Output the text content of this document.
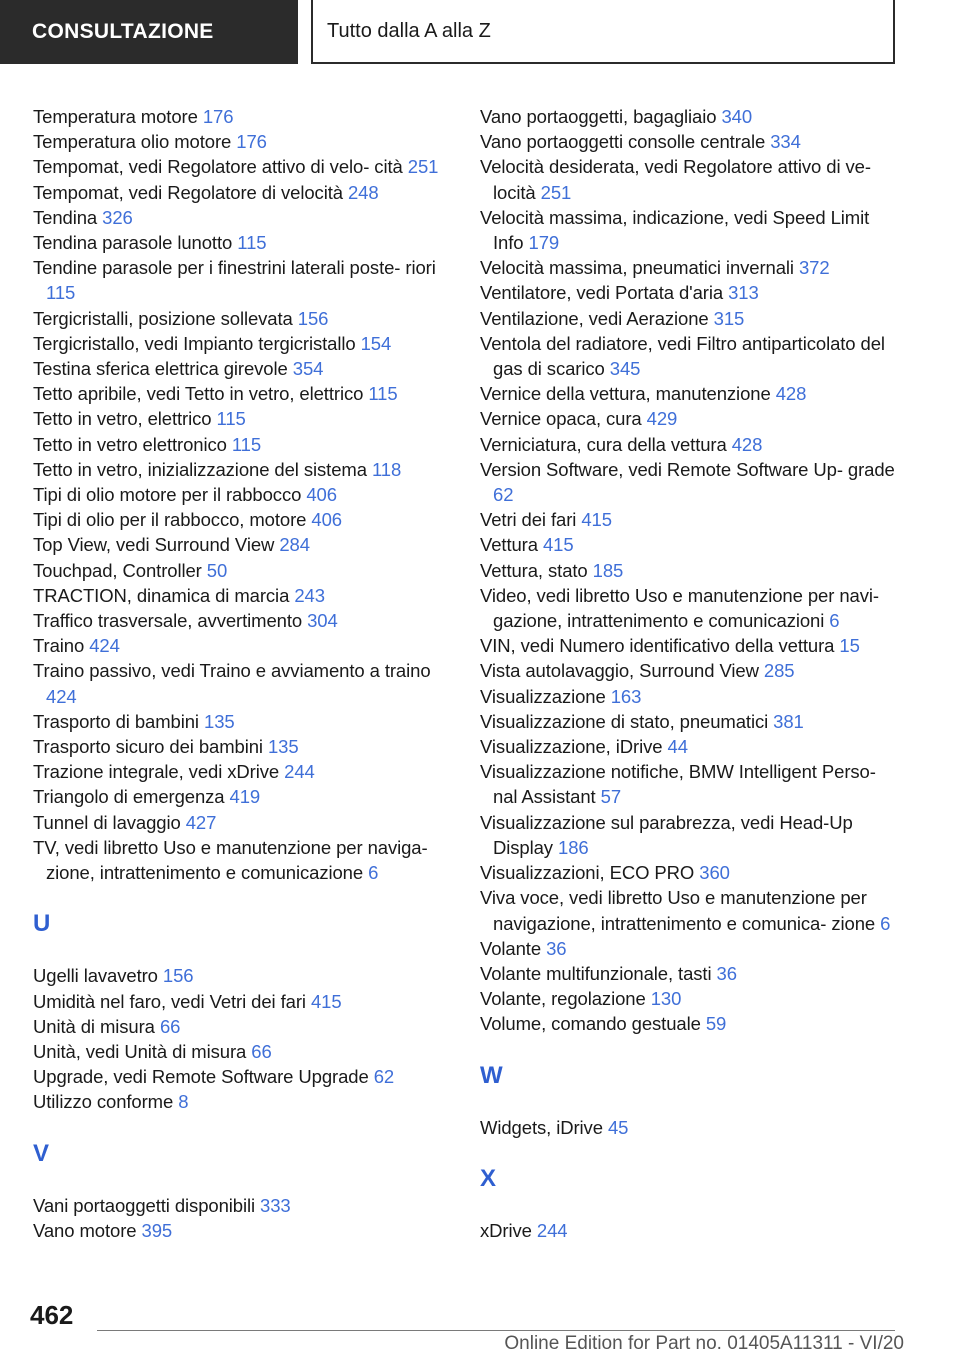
CONSULTAZIONE	Tutto dalla A alla Z
Temperatura motore 176
Temperatura olio motore 176
Tempomat, vedi Regolatore attivo di velo- cità 251
Tempomat, vedi Regolatore di velocità 248
Tendina 326
Tendina parasole lunotto 115
Tendine parasole per i finestrini laterali poste- riori 115
Tergicristalli, posizione sollevata 156
Tergicristallo, vedi Impianto tergicristallo 154
Testina sferica elettrica girevole 354
Tetto apribile, vedi Tetto in vetro, elettrico 115
Tetto in vetro, elettrico 115
Tetto in vetro elettronico 115
Tetto in vetro, inizializzazione del sistema 118
Tipi di olio motore per il rabbocco 406
Tipi di olio per il rabbocco, motore 406
Top View, vedi Surround View 284
Touchpad, Controller 50
TRACTION, dinamica di marcia 243
Traffico trasversale, avvertimento 304
Traino 424
Traino passivo, vedi Traino e avviamento a traino 424
Trasporto di bambini 135
Trasporto sicuro dei bambini 135
Trazione integrale, vedi xDrive 244
Triangolo di emergenza 419
Tunnel di lavaggio 427
TV, vedi libretto Uso e manutenzione per naviga- zione, intrattenimento e comunicazione 6
U
Ugelli lavavetro 156
Umidità nel faro, vedi Vetri dei fari 415
Unità di misura 66
Unità, vedi Unità di misura 66
Upgrade, vedi Remote Software Upgrade 62
Utilizzo conforme 8
V
Vani portaoggetti disponibili 333
Vano motore 395
Vano portaoggetti, bagagliaio 340
Vano portaoggetti consolle centrale 334
Velocità desiderata, vedi Regolatore attivo di ve- locità 251
Velocità massima, indicazione, vedi Speed Limit Info 179
Velocità massima, pneumatici invernali 372
Ventilatore, vedi Portata d'aria 313
Ventilazione, vedi Aerazione 315
Ventola del radiatore, vedi Filtro antiparticolato del gas di scarico 345
Vernice della vettura, manutenzione 428
Vernice opaca, cura 429
Verniciatura, cura della vettura 428
Version Software, vedi Remote Software Up- grade 62
Vetri dei fari 415
Vettura 415
Vettura, stato 185
Video, vedi libretto Uso e manutenzione per navi- gazione, intrattenimento e comunicazioni 6
VIN, vedi Numero identificativo della vettura 15
Vista autolavaggio, Surround View 285
Visualizzazione 163
Visualizzazione di stato, pneumatici 381
Visualizzazione, iDrive 44
Visualizzazione notifiche, BMW Intelligent Perso- nal Assistant 57
Visualizzazione sul parabrezza, vedi Head-Up Display 186
Visualizzazioni, ECO PRO 360
Viva voce, vedi libretto Uso e manutenzione per navigazione, intrattenimento e comunica- zione 6
Volante 36
Volante multifunzionale, tasti 36
Volante, regolazione 130
Volume, comando gestuale 59
W
Widgets, iDrive 45
X
xDrive 244
462
Online Edition for Part no. 01405A11311 - VI/20
